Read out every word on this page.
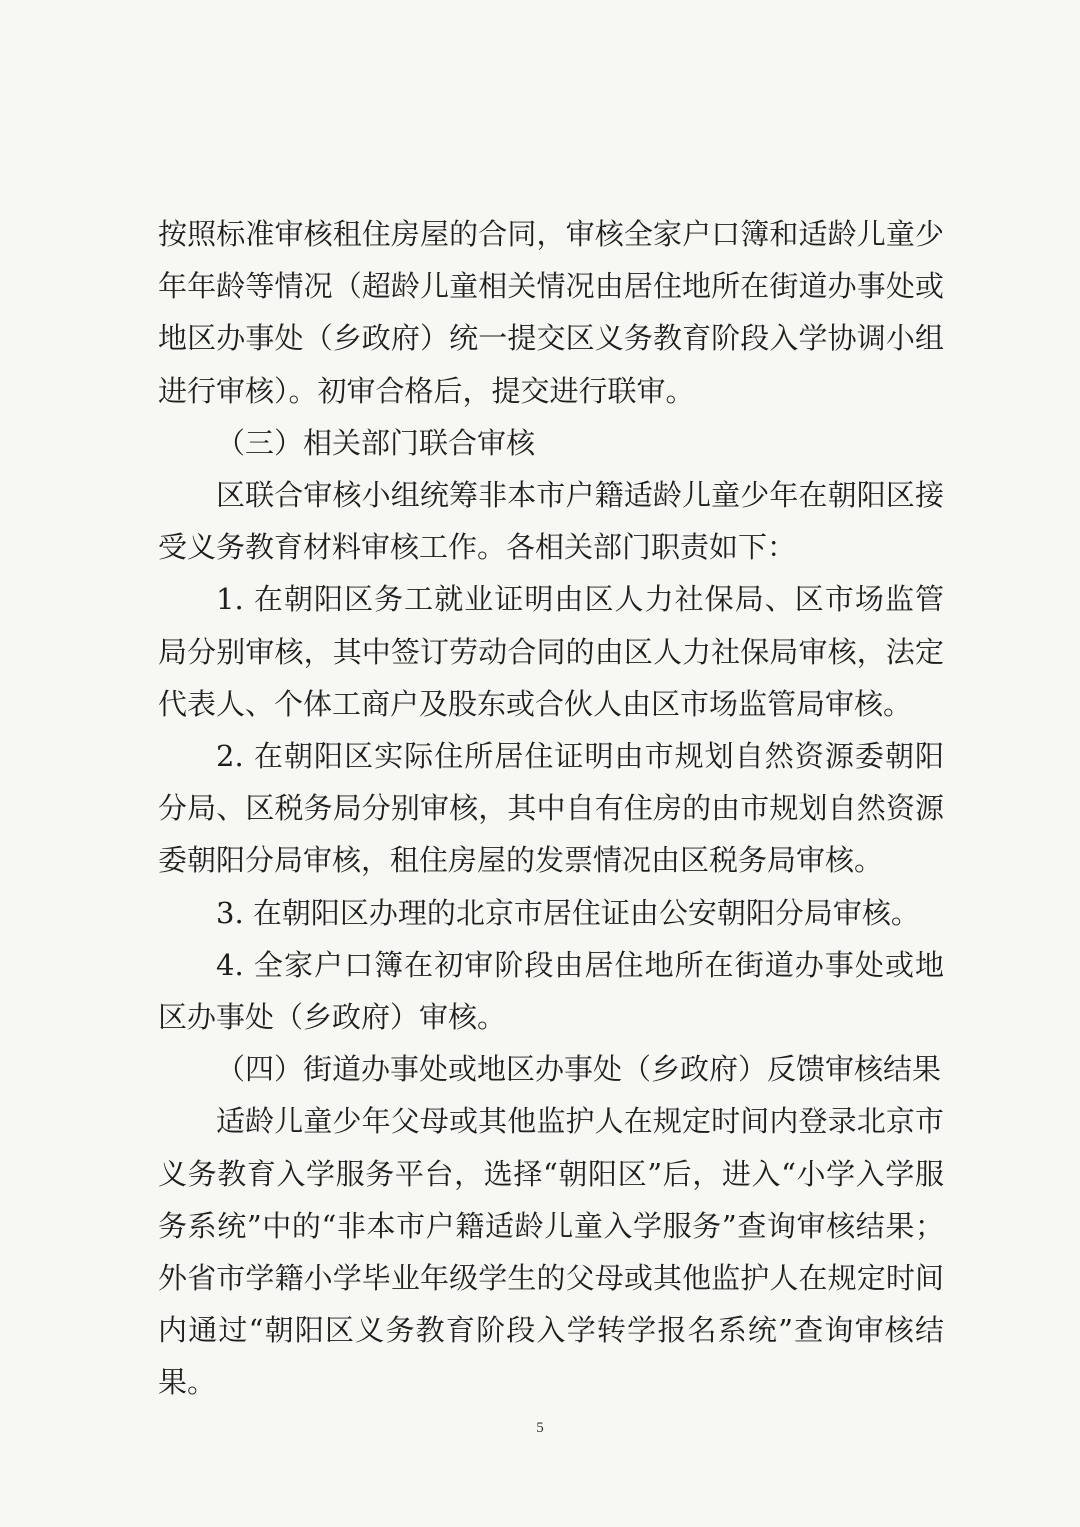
按照标准审核租住房屋的合同，审核全家户口簿和适龄儿童少年年龄等情况（超龄儿童相关情况由居住地所在街道办事处或地区办事处（乡政府）统一提交区义务教育阶段入学协调小组进行审核）。初审合格后，提交进行联审。

（三）相关部门联合审核

区联合审核小组统筹非本市户籍适龄儿童少年在朝阳区接受义务教育材料审核工作。各相关部门职责如下：

1. 在朝阳区务工就业证明由区人力社保局、区市场监管局分别审核，其中签订劳动合同的由区人力社保局审核，法定代表人、个体工商户及股东或合伙人由区市场监管局审核。

2. 在朝阳区实际住所居住证明由市规划自然资源委朝阳分局、区税务局分别审核，其中自有住房的由市规划自然资源委朝阳分局审核，租住房屋的发票情况由区税务局审核。

3. 在朝阳区办理的北京市居住证由公安朝阳分局审核。

4. 全家户口簿在初审阶段由居住地所在街道办事处或地区办事处（乡政府）审核。

（四）街道办事处或地区办事处（乡政府）反馈审核结果

适龄儿童少年父母或其他监护人在规定时间内登录北京市义务教育入学服务平台，选择“朝阳区”后，进入“小学入学服务系统”中的“非本市户籍适龄儿童入学服务”查询审核结果；外省市学籍小学毕业年级学生的父母或其他监护人在规定时间内通过“朝阳区义务教育阶段入学转学报名系统”查询审核结果。

5
